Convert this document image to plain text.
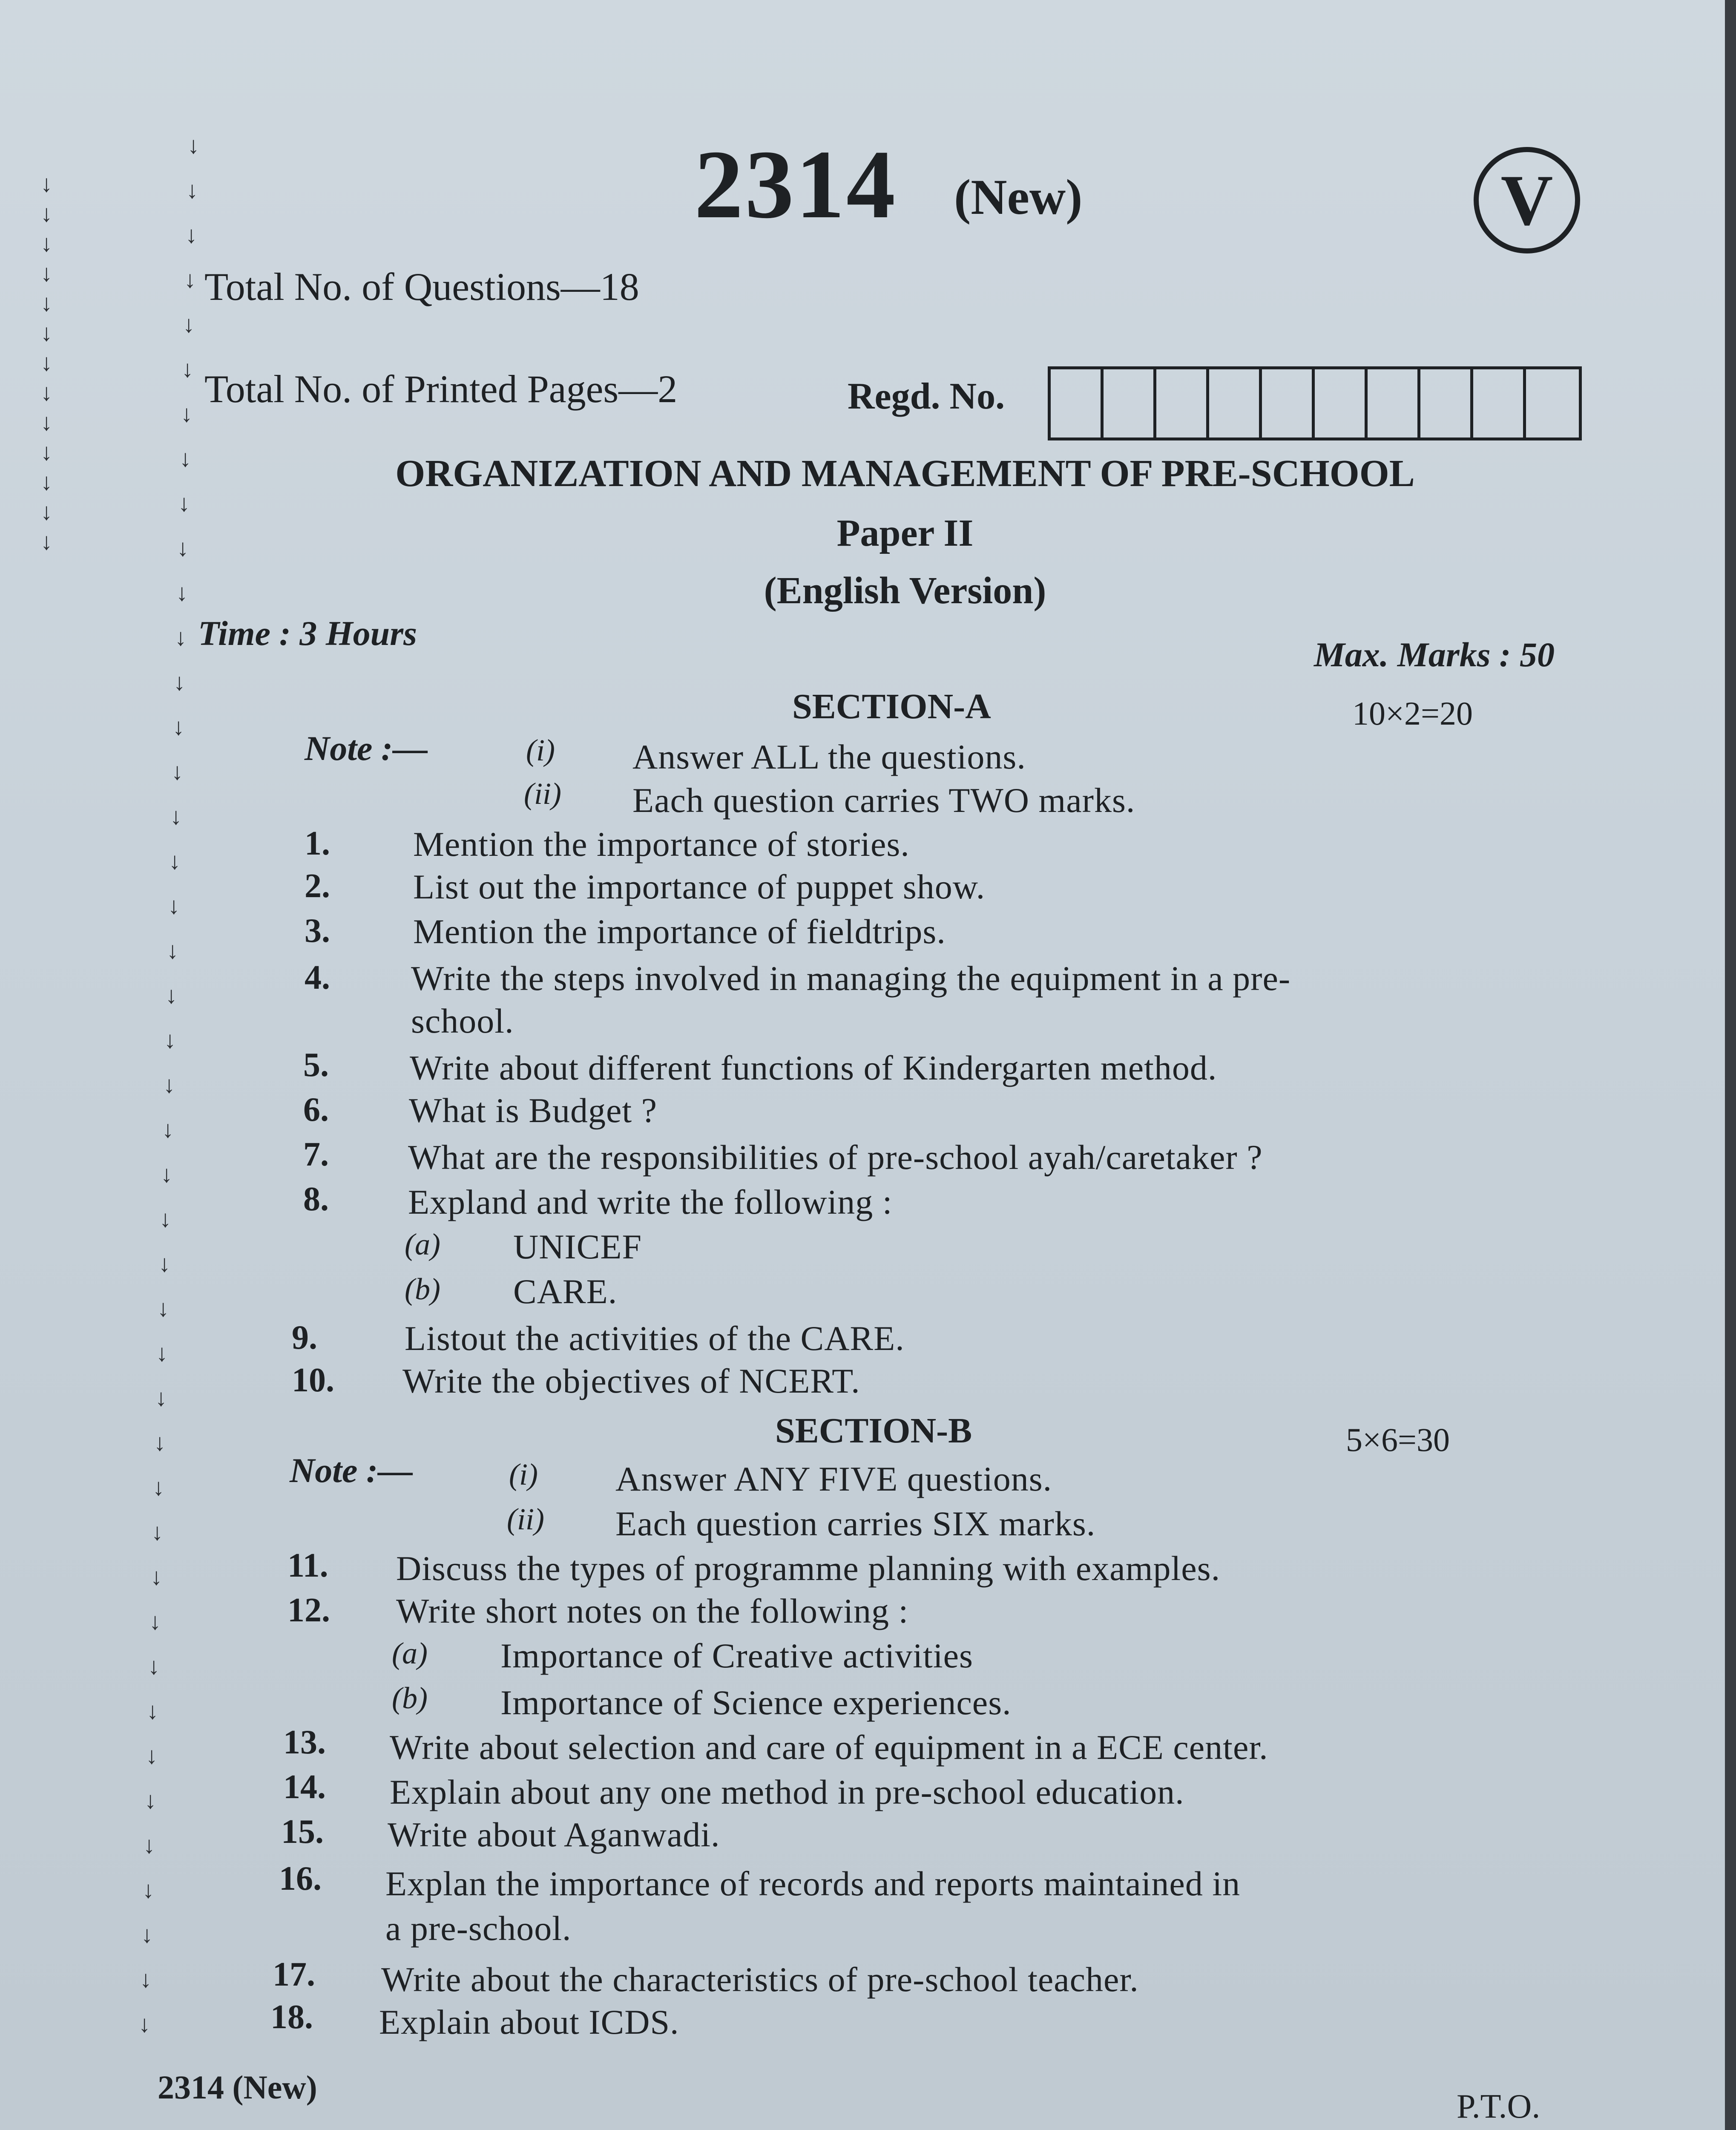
↓
↓
↓
↓
↓
↓
↓
↓
↓
↓
↓
↓
↓
↓
↓
↓
↓
↓
↓
↓
↓
↓
↓
↓
↓
↓
↓
↓
↓
↓
↓
↓
↓
↓
↓
↓
↓
↓
↓
↓
↓
↓
↓
↓
↓
↓
↓
↓
↓
↓
↓
↓
↓
↓
↓
↓
2314 (New)	V
Total No. of Questions—18
Total No. of Printed Pages—2	Regd. No.
ORGANIZATION AND MANAGEMENT OF PRE-SCHOOL
Paper II
(English Version)
Time : 3 Hours
Max. Marks : 50
SECTION-A	10×2=20
Note :—	(i) Answer ALL the questions.
(ii) Each question carries TWO marks.
1. Mention the importance of stories.
2. List out the importance of puppet show.
3. Mention the importance of fieldtrips.
4. Write the steps involved in managing the equipment in a pre-
school.
5. Write about different functions of Kindergarten method.
6. What is Budget ?
7. What are the responsibilities of pre-school ayah/caretaker ?
8. Expland and write the following :
(a) UNICEF
(b) CARE.
9.	Listout the activities of the CARE.
10. Write the objectives of NCERT.
SECTION-B	5×6=30
Note :—	(i) Answer ANY FIVE questions.
(ii) Each question carries SIX marks.
11. Discuss the types of programme planning with examples.
12. Write short notes on the following :
(a) Importance of Creative activities
(b) Importance of Science experiences.
13. Write about selection and care of equipment in a ECE center.
14. Explain about any one method in pre-school education.
15. Write about Aganwadi.
16. Explan the importance of records and reports maintained in
a pre-school.
17. Write about the characteristics of pre-school teacher.
18. Explain about ICDS.
2314 (New)
P.T.O.
